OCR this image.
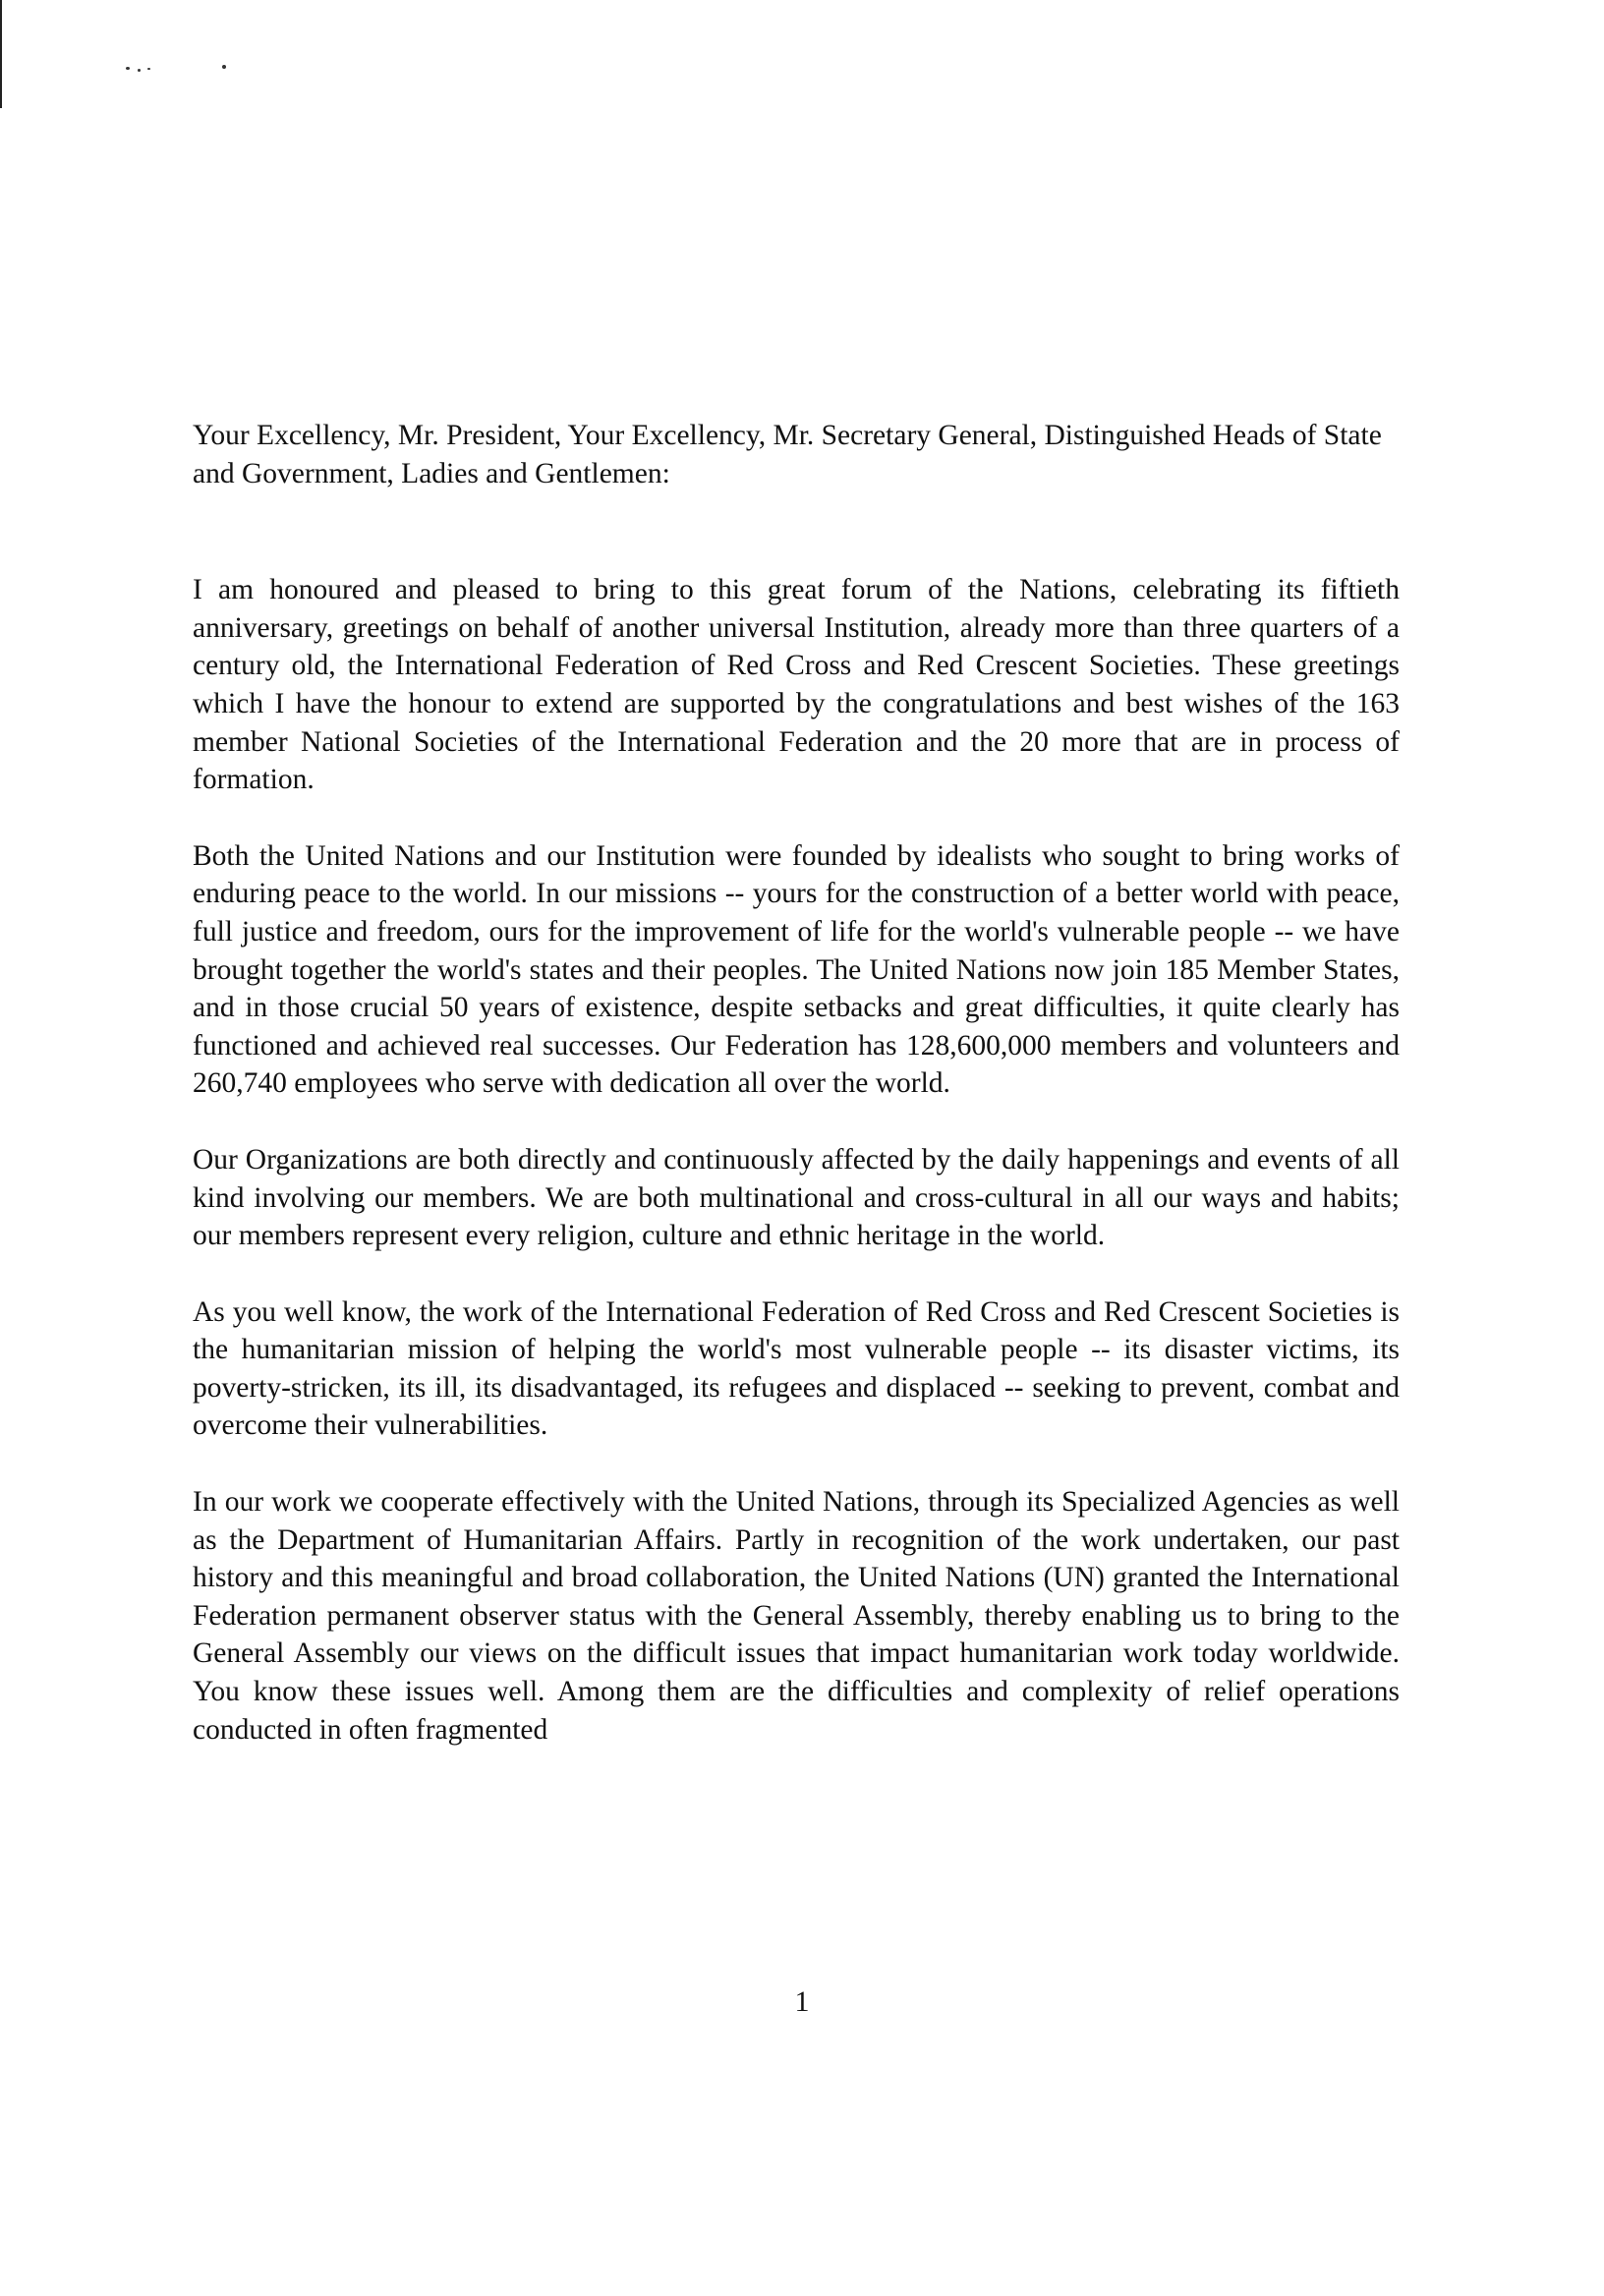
Your Excellency, Mr. President, Your Excellency, Mr. Secretary General, Distinguished Heads of State and Government, Ladies and Gentlemen:

I am honoured and pleased to bring to this great forum of the Nations, celebrating its fiftieth anniversary, greetings on behalf of another universal Institution, already more than three quarters of a century old, the International Federation of Red Cross and Red Crescent Societies. These greetings which I have the honour to extend are supported by the congratulations and best wishes of the 163 member National Societies of the International Federation and the 20 more that are in process of formation.

Both the United Nations and our Institution were founded by idealists who sought to bring works of enduring peace to the world. In our missions -- yours for the construction of a better world with peace, full justice and freedom, ours for the improvement of life for the world's vulnerable people -- we have brought together the world's states and their peoples. The United Nations now join 185 Member States, and in those crucial 50 years of existence, despite setbacks and great difficulties, it quite clearly has functioned and achieved real successes. Our Federation has 128,600,000 members and volunteers and 260,740 employees who serve with dedication all over the world.

Our Organizations are both directly and continuously affected by the daily happenings and events of all kind involving our members. We are both multinational and cross-cultural in all our ways and habits; our members represent every religion, culture and ethnic heritage in the world.

As you well know, the work of the International Federation of Red Cross and Red Crescent Societies is the humanitarian mission of helping the world's most vulnerable people -- its disaster victims, its poverty-stricken, its ill, its disadvantaged, its refugees and displaced -- seeking to prevent, combat and overcome their vulnerabilities.

In our work we cooperate effectively with the United Nations, through its Specialized Agencies as well as the Department of Humanitarian Affairs. Partly in recognition of the work undertaken, our past history and this meaningful and broad collaboration, the United Nations (UN) granted the International Federation permanent observer status with the General Assembly, thereby enabling us to bring to the General Assembly our views on the difficult issues that impact humanitarian work today worldwide. You know these issues well. Among them are the difficulties and complexity of relief operations conducted in often fragmented

1
